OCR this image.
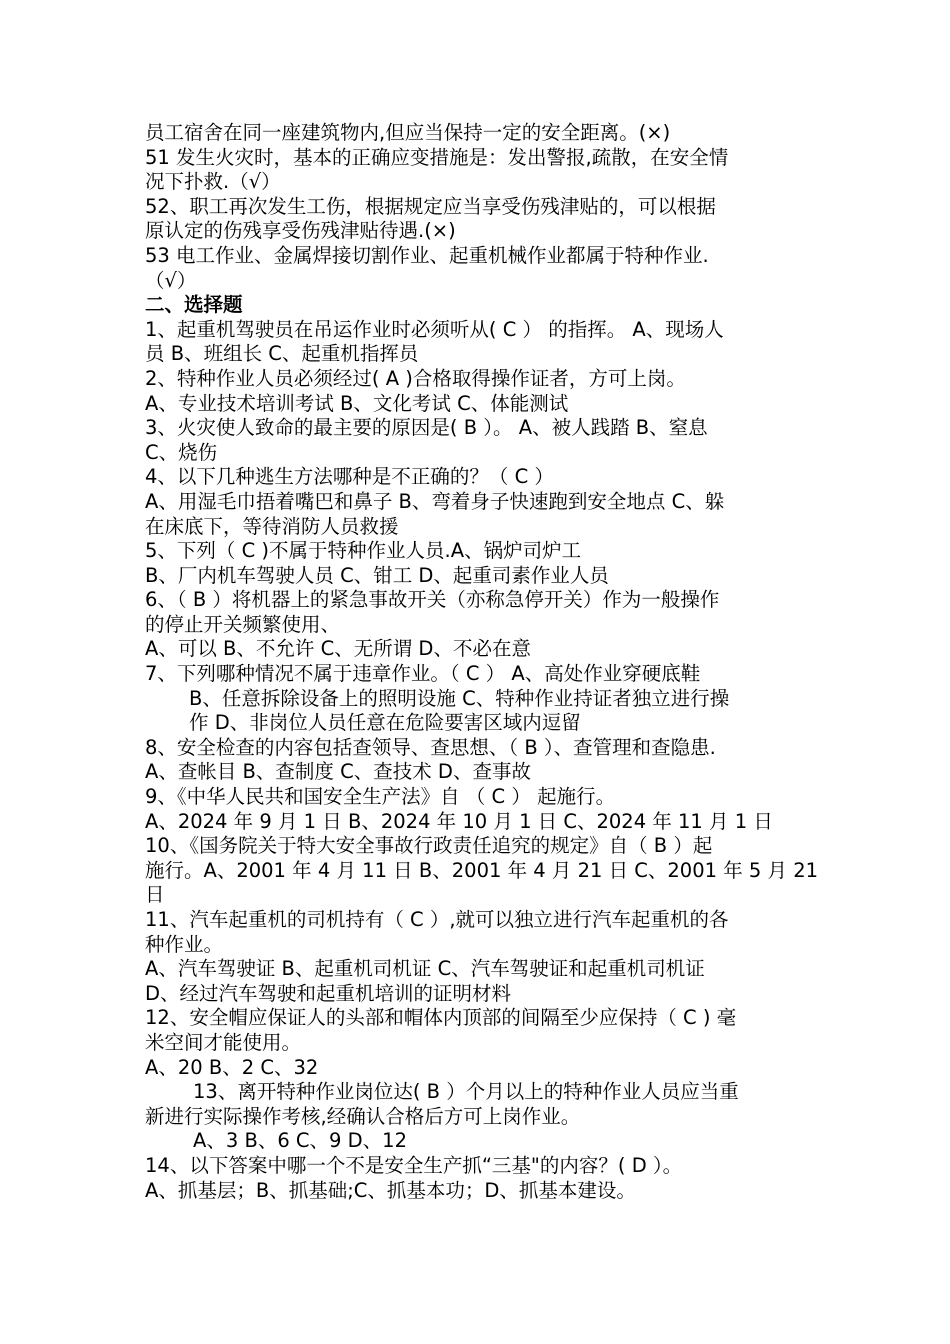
员工宿舍在同一座建筑物内,但应当保持一定的安全距离。(×)
51 发生火灾时，基本的正确应变措施是：发出警报,疏散，在安全情
况下扑救.（√）
52、职工再次发生工伤，根据规定应当享受伤残津贴的，可以根据
原认定的伤残享受伤残津贴待遇.(×)
53 电工作业、金属焊接切割作业、起重机械作业都属于特种作业.
（√）
二、选择题
1、起重机驾驶员在吊运作业时必须听从( C ） 的指挥。 A、现场人
员 B、班组长 C、起重机指挥员
2、特种作业人员必须经过( A )合格取得操作证者，方可上岗。
A、专业技术培训考试 B、文化考试 C、体能测试
3、火灾使人致命的最主要的原因是( B ）。 A、被人践踏 B、窒息
C、烧伤
4、以下几种逃生方法哪种是不正确的？（ C ）
A、用湿毛巾捂着嘴巴和鼻子 B、弯着身子快速跑到安全地点 C、躲
在床底下，等待消防人员救援
5、下列（ C )不属于特种作业人员.A、锅炉司炉工
B、厂内机车驾驶人员 C、钳工 D、起重司素作业人员
6、（ B ）将机器上的紧急事故开关（亦称急停开关）作为一般操作
的停止开关频繁使用、
A、可以 B、不允许 C、无所谓 D、不必在意
7、下列哪种情况不属于违章作业。（ C ） A、高处作业穿硬底鞋
B、任意拆除设备上的照明设施 C、特种作业持证者独立进行操
作 D、非岗位人员任意在危险要害区域内逗留
8、安全检查的内容包括查领导、查思想、（ B ）、查管理和查隐患.
A、查帐目 B、查制度 C、查技术 D、查事故
9、《中华人民共和国安全生产法》自 （ C ） 起施行。
A、2024 年 9 月 1 日 B、2024 年 10 月 1 日 C、2024 年 11 月 1 日
10、《国务院关于特大安全事故行政责任追究的规定》自（ B ）起
施行。A、2001 年 4 月 11 日 B、2001 年 4 月 21 日 C、2001 年 5 月 21
日
11、汽车起重机的司机持有（ C ）,就可以独立进行汽车起重机的各
种作业。
A、汽车驾驶证 B、起重机司机证 C、汽车驾驶证和起重机司机证
D、经过汽车驾驶和起重机培训的证明材料
12、安全帽应保证人的头部和帽体内顶部的间隔至少应保持（ C ) 毫
米空间才能使用。
A、20 B、2 C、32
13、离开特种作业岗位达( B ）个月以上的特种作业人员应当重
新进行实际操作考核,经确认合格后方可上岗作业。
A、3 B、6 C、9 D、12
14、以下答案中哪一个不是安全生产抓“三基"的内容？( D ）。
A、抓基层；B、抓基础;C、抓基本功；D、抓基本建设。
